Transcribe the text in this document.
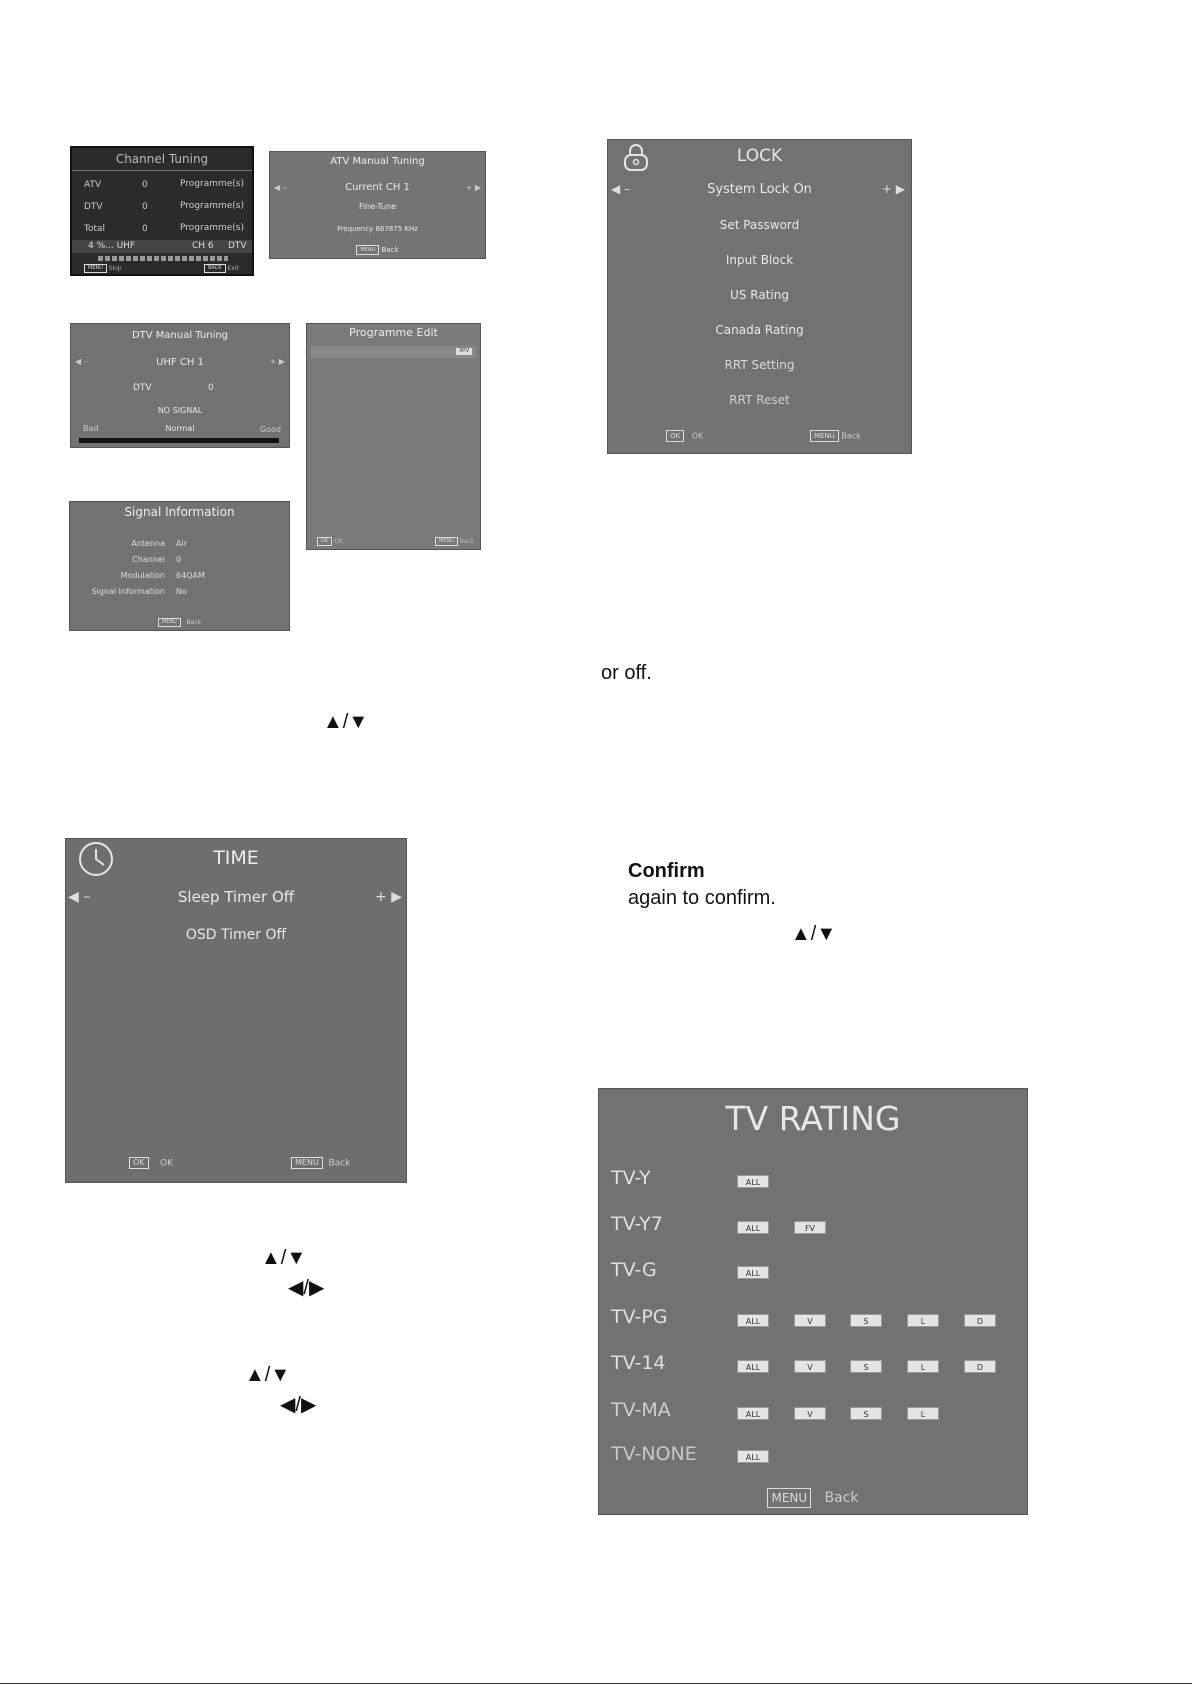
Channel Tuning
ATV	0	Programme(s)
DTV	0	Programme(s)
Total	0	Programme(s)
4 %... UHF	CH 6 DTV
MENU Skip	BACK Exit
ATV Manual Tuning
◀ –	Current CH 1	+ ▶
Fine-Tune
Frequency 867875 KHz
MENU Back
DTV Manual Tuning
◀ –	UHF CH 1	+ ▶
DTV	0
NO SIGNAL
Bad	Normal	Good
Programme Edit
ATV
OK OK	MENU Back
Signal Information
Antenna Air
Channel 0
Modulation 64QAM
Signal Information No
MENU Back
LOCK
◀ –	System Lock On	+ ▶
Set Password
Input Block
US Rating
Canada Rating
RRT Setting
RRT Reset
OK OK	MENU Back
TIME
◀ –	Sleep Timer Off	+ ▶
OSD Timer Off
OK OK	MENU Back
TV RATING
TV-Y	ALL
TV-Y7	ALL	FV
TV-G	ALL
TV-PG	ALL	V	S	L	D
TV-14	ALL	V	S	L	D
TV-MA	ALL	V	S	L
TV-NONE	ALL
MENU Back
▲/▼
or off.
Confirm
again to confirm.
▲/▼
▲/▼
◀/▶
▲/▼
◀/▶
